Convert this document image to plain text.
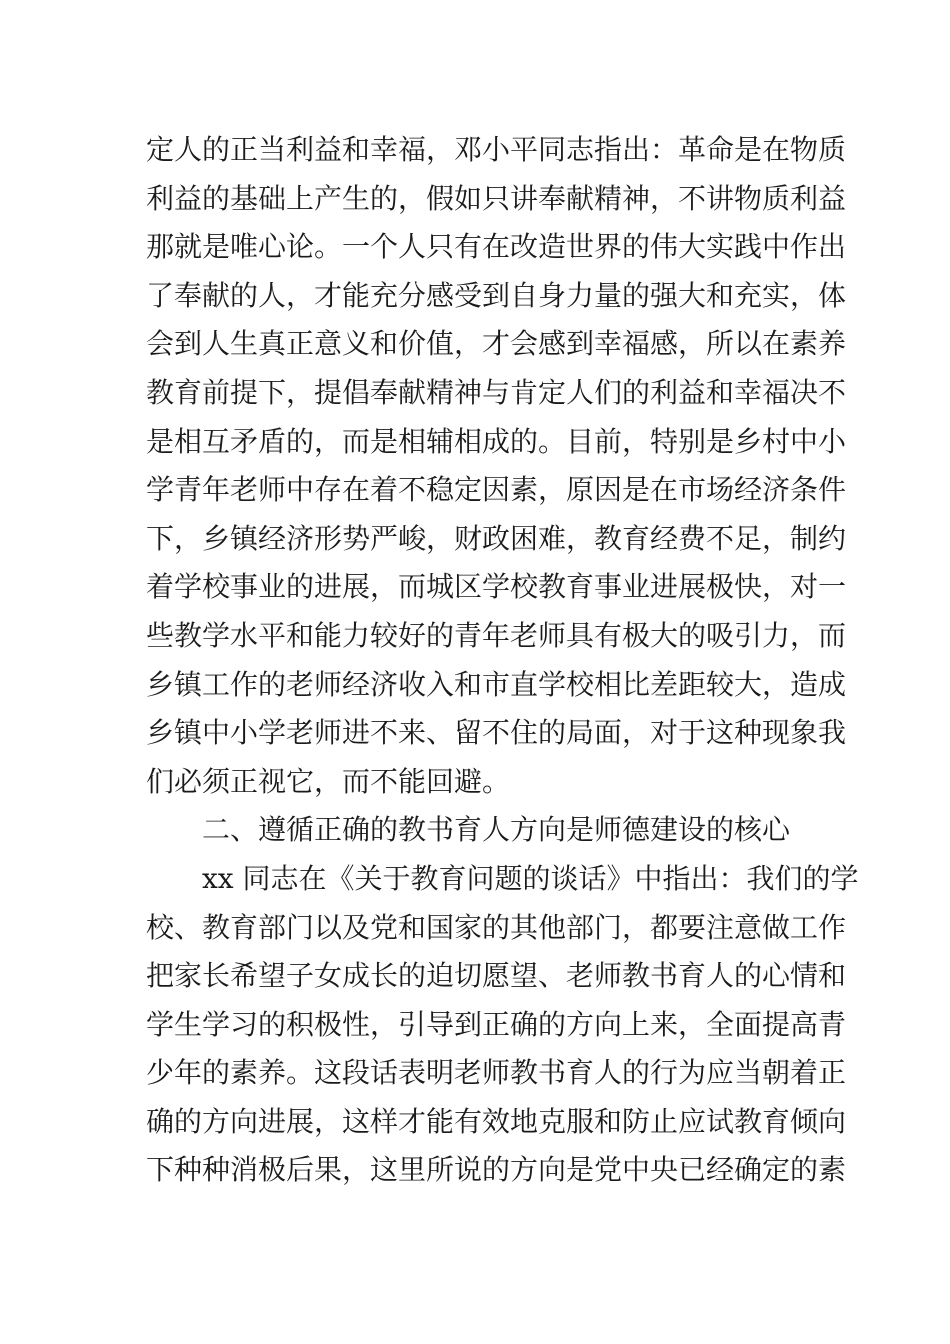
定人的正当利益和幸福，邓小平同志指出：革命是在物质
利益的基础上产生的，假如只讲奉献精神，不讲物质利益
那就是唯心论。一个人只有在改造世界的伟大实践中作出
了奉献的人，才能充分感受到自身力量的强大和充实，体
会到人生真正意义和价值，才会感到幸福感，所以在素养
教育前提下，提倡奉献精神与肯定人们的利益和幸福决不
是相互矛盾的，而是相辅相成的。目前，特别是乡村中小
学青年老师中存在着不稳定因素，原因是在市场经济条件
下，乡镇经济形势严峻，财政困难，教育经费不足，制约
着学校事业的进展，而城区学校教育事业进展极快，对一
些教学水平和能力较好的青年老师具有极大的吸引力，而
乡镇工作的老师经济收入和市直学校相比差距较大，造成
乡镇中小学老师进不来、留不住的局面，对于这种现象我
们必须正视它，而不能回避。
二、遵循正确的教书育人方向是师德建设的核心
xx 同志在《关于教育问题的谈话》中指出：我们的学
校、教育部门以及党和国家的其他部门，都要注意做工作
把家长希望子女成长的迫切愿望、老师教书育人的心情和
学生学习的积极性，引导到正确的方向上来，全面提高青
少年的素养。这段话表明老师教书育人的行为应当朝着正
确的方向进展，这样才能有效地克服和防止应试教育倾向
下种种消极后果，这里所说的方向是党中央已经确定的素
